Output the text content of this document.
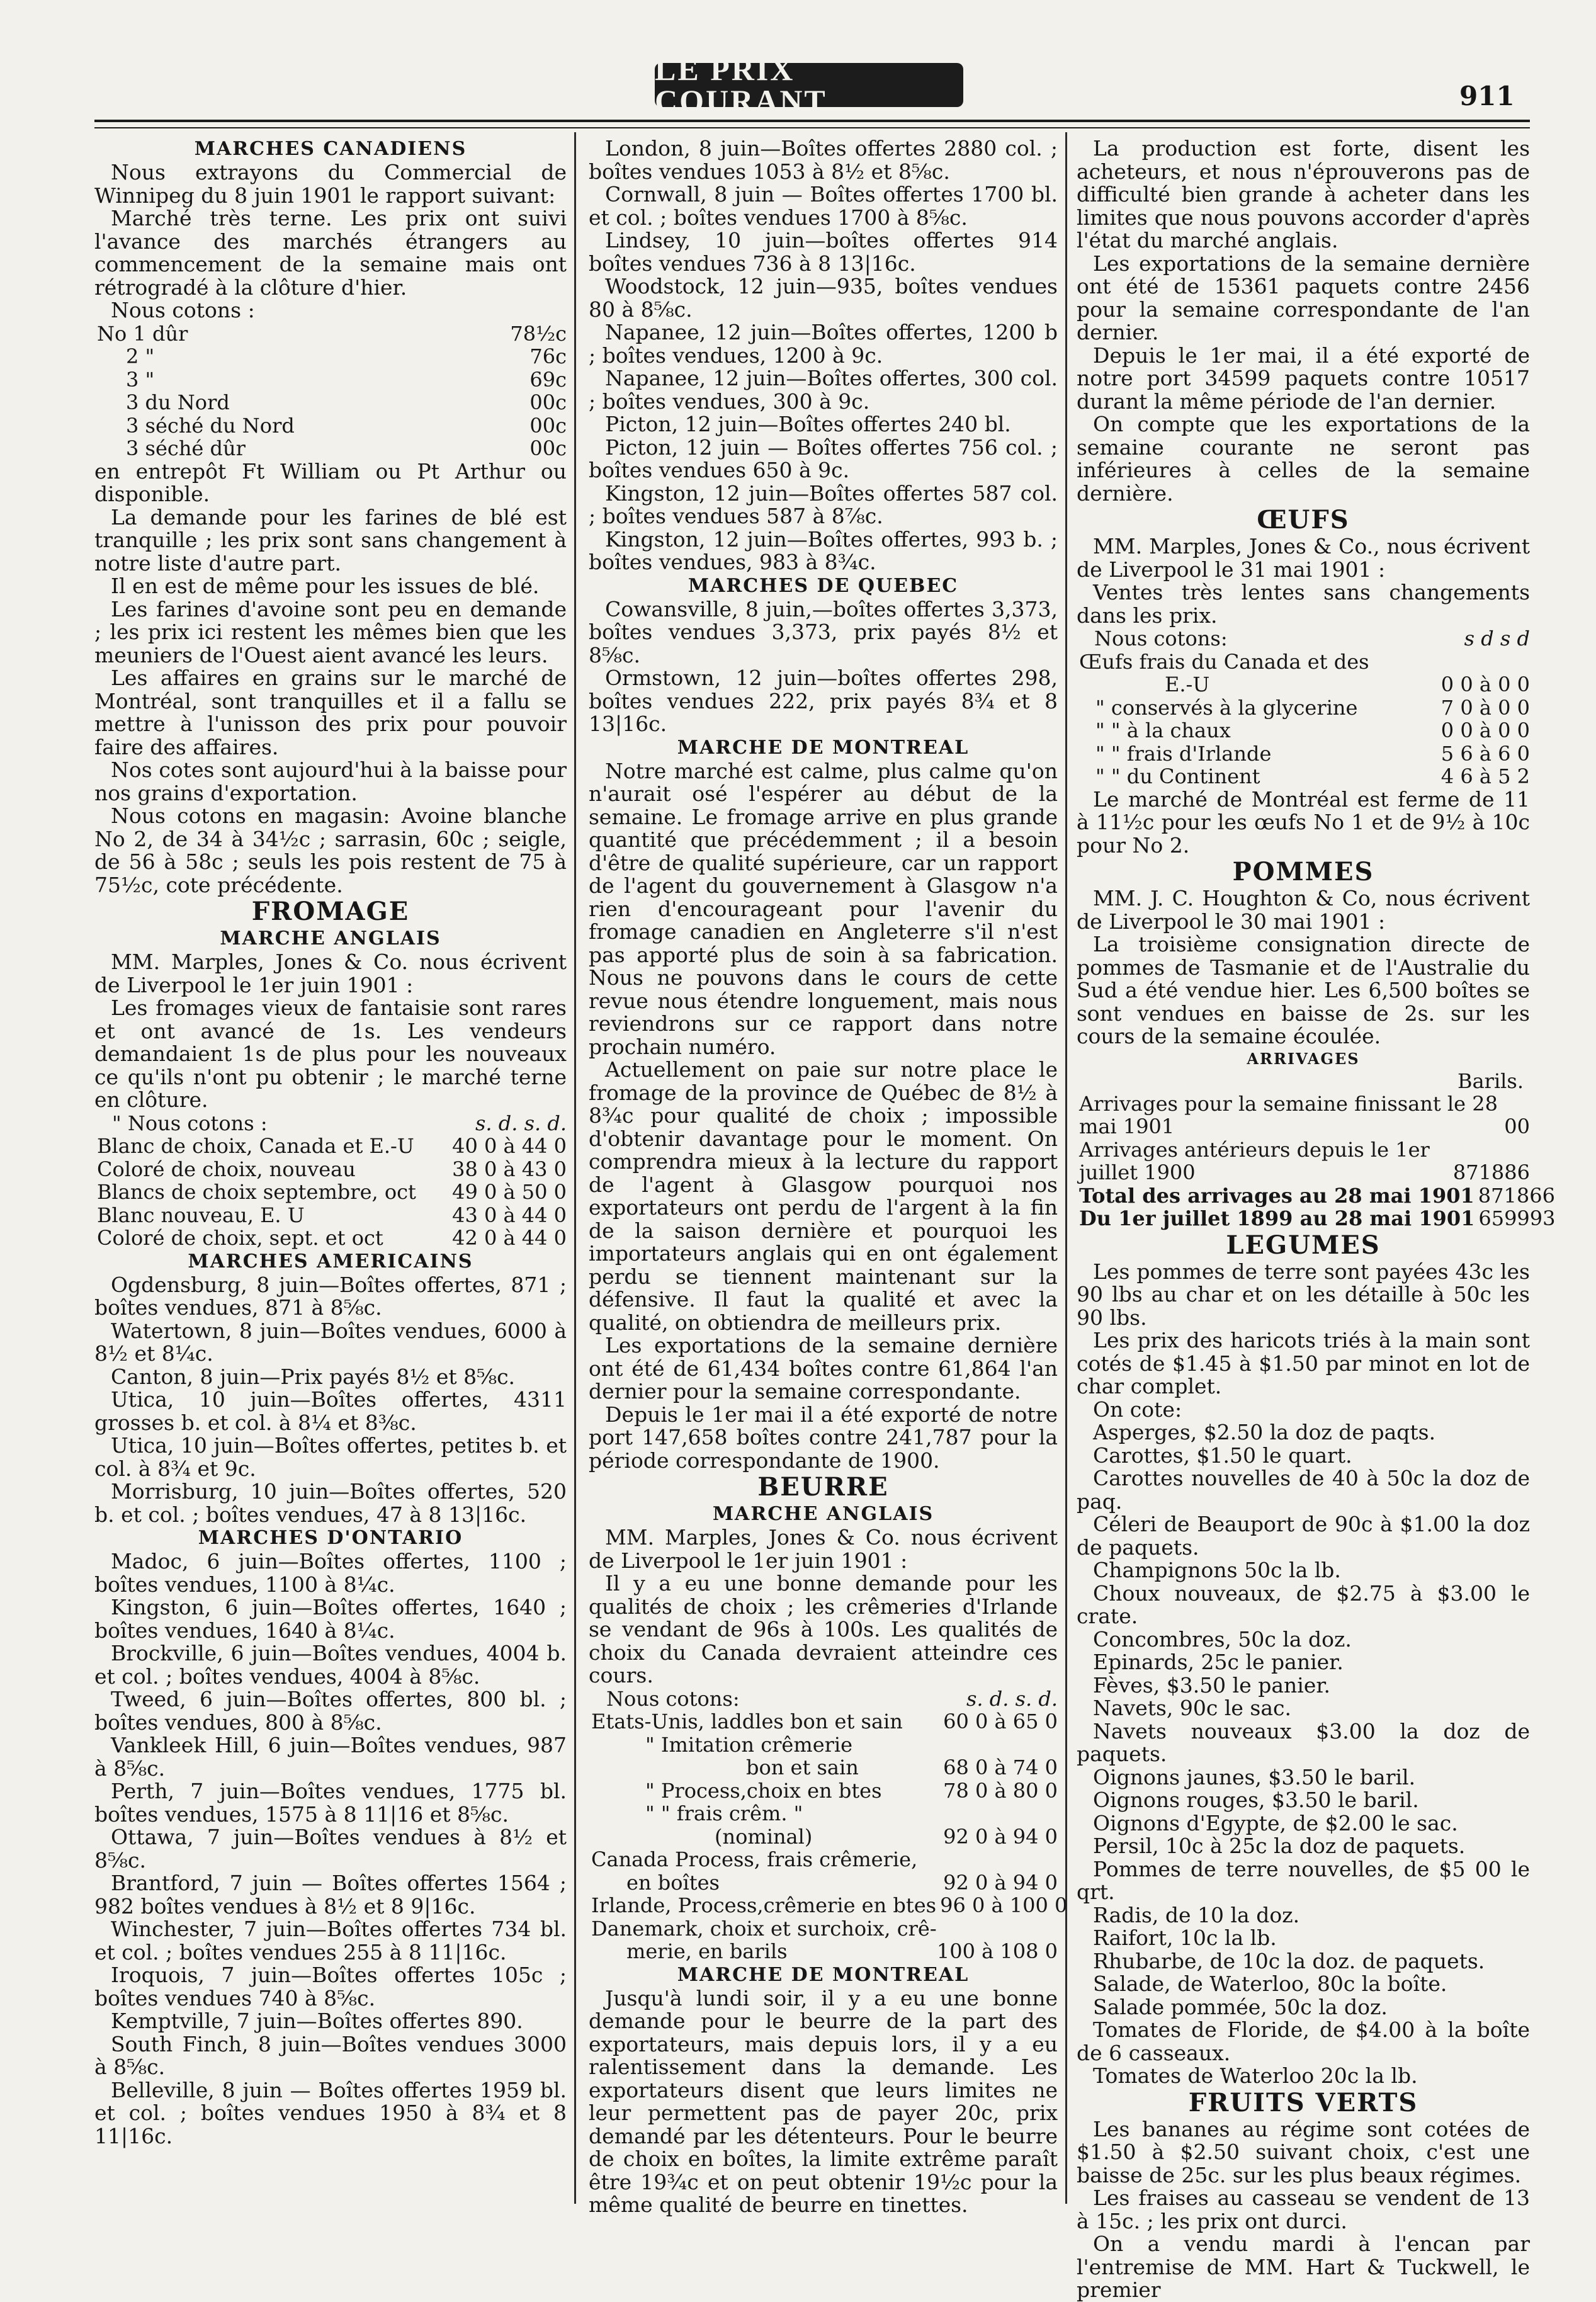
LE PRIX COURANT	911
MARCHES CANADIENS

Nous extrayons du Commercial de Winnipeg du 8 juin 1901 le rapport suivant:

Marché très terne. Les prix ont suivi l'avance des marchés étrangers au commencement de la semaine mais ont rétrogradé à la clôture d'hier.

Nous cotons :

No 1 dûr	78½c
2 "	76c
3 "	69c
3 du Nord	00c
3 séché du Nord	00c
3 séché dûr	00c

en entrepôt Ft William ou Pt Arthur ou disponible.

La demande pour les farines de blé est tranquille ; les prix sont sans changement à notre liste d'autre part.

Il en est de même pour les issues de blé.

Les farines d'avoine sont peu en demande ; les prix ici restent les mêmes bien que les meuniers de l'Ouest aient avancé les leurs.

Les affaires en grains sur le marché de Montréal, sont tranquilles et il a fallu se mettre à l'unisson des prix pour pouvoir faire des affaires.

Nos cotes sont aujourd'hui à la baisse pour nos grains d'exportation.

Nous cotons en magasin: Avoine blanche No 2, de 34 à 34½c ; sarrasin, 60c ; seigle, de 56 à 58c ; seuls les pois restent de 75 à 75½c, cote précédente.

FROMAGE
MARCHE ANGLAIS

MM. Marples, Jones & Co. nous écrivent de Liverpool le 1er juin 1901 :

Les fromages vieux de fantaisie sont rares et ont avancé de 1s. Les vendeurs demandaient 1s de plus pour les nouveaux ce qu'ils n'ont pu obtenir ; le marché terne en clôture.

" Nous cotons :	s. d. s. d.
Blanc de choix, Canada et E.-U	40 0 à 44 0
Coloré de choix, nouveau	38 0 à 43 0
Blancs de choix septembre, oct	49 0 à 50 0
Blanc nouveau, E. U	43 0 à 44 0
Coloré de choix, sept. et oct	42 0 à 44 0
MARCHES AMERICAINS

Ogdensburg, 8 juin—Boîtes offertes, 871 ; boîtes vendues, 871 à 8⅝c.

Watertown, 8 juin—Boîtes vendues, 6000 à 8½ et 8¼c.

Canton, 8 juin—Prix payés 8½ et 8⅝c.

Utica, 10 juin—Boîtes offertes, 4311 grosses b. et col. à 8¼ et 8⅜c.

Utica, 10 juin—Boîtes offertes, petites b. et col. à 8¾ et 9c.

Morrisburg, 10 juin—Boîtes offertes, 520 b. et col. ; boîtes vendues, 47 à 8 13|16c.

MARCHES D'ONTARIO

Madoc, 6 juin—Boîtes offertes, 1100 ; boîtes vendues, 1100 à 8¼c.

Kingston, 6 juin—Boîtes offertes, 1640 ; boîtes vendues, 1640 à 8¼c.

Brockville, 6 juin—Boîtes vendues, 4004 b. et col. ; boîtes vendues, 4004 à 8⅝c.

Tweed, 6 juin—Boîtes offertes, 800 bl. ; boîtes vendues, 800 à 8⅝c.

Vankleek Hill, 6 juin—Boîtes vendues, 987 à 8⅝c.

Perth, 7 juin—Boîtes vendues, 1775 bl. boîtes vendues, 1575 à 8 11|16 et 8⅝c.

Ottawa, 7 juin—Boîtes vendues à 8½ et 8⅝c.

Brantford, 7 juin — Boîtes offertes 1564 ; 982 boîtes vendues à 8½ et 8 9|16c.

Winchester, 7 juin—Boîtes offertes 734 bl. et col. ; boîtes vendues 255 à 8 11|16c.

Iroquois, 7 juin—Boîtes offertes 105c ; boîtes vendues 740 à 8⅝c.

Kemptville, 7 juin—Boîtes offertes 890.

South Finch, 8 juin—Boîtes vendues 3000 à 8⅝c.

Belleville, 8 juin — Boîtes offertes 1959 bl. et col. ; boîtes vendues 1950 à 8¾ et 8 11|16c.

London, 8 juin—Boîtes offertes 2880 col. ; boîtes vendues 1053 à 8½ et 8⅝c.

Cornwall, 8 juin — Boîtes offertes 1700 bl. et col. ; boîtes vendues 1700 à 8⅝c.

Lindsey, 10 juin—boîtes offertes 914 boîtes vendues 736 à 8 13|16c.

Woodstock, 12 juin—935, boîtes vendues 80 à 8⅝c.

Napanee, 12 juin—Boîtes offertes, 1200 b ; boîtes vendues, 1200 à 9c.

Napanee, 12 juin—Boîtes offertes, 300 col. ; boîtes vendues, 300 à 9c.

Picton, 12 juin—Boîtes offertes 240 bl.

Picton, 12 juin — Boîtes offertes 756 col. ; boîtes vendues 650 à 9c.

Kingston, 12 juin—Boîtes offertes 587 col. ; boîtes vendues 587 à 8⅞c.

Kingston, 12 juin—Boîtes offertes, 993 b. ; boîtes vendues, 983 à 8¾c.

MARCHES DE QUEBEC

Cowansville, 8 juin,—boîtes offertes 3,373, boîtes vendues 3,373, prix payés 8½ et 8⅝c.

Ormstown, 12 juin—boîtes offertes 298, boîtes vendues 222, prix payés 8¾ et 8 13|16c.

MARCHE DE MONTREAL

Notre marché est calme, plus calme qu'on n'aurait osé l'espérer au début de la semaine. Le fromage arrive en plus grande quantité que précédemment ; il a besoin d'être de qualité supérieure, car un rapport de l'agent du gouvernement à Glasgow n'a rien d'encourageant pour l'avenir du fromage canadien en Angleterre s'il n'est pas apporté plus de soin à sa fabrication. Nous ne pouvons dans le cours de cette revue nous étendre longuement, mais nous reviendrons sur ce rapport dans notre prochain numéro.

Actuellement on paie sur notre place le fromage de la province de Québec de 8½ à 8¾c pour qualité de choix ; impossible d'obtenir davantage pour le moment. On comprendra mieux à la lecture du rapport de l'agent à Glasgow pourquoi nos exportateurs ont perdu de l'argent à la fin de la saison dernière et pourquoi les importateurs anglais qui en ont également perdu se tiennent maintenant sur la défensive. Il faut la qualité et avec la qualité, on obtiendra de meilleurs prix.

Les exportations de la semaine dernière ont été de 61,434 boîtes contre 61,864 l'an dernier pour la semaine correspondante.

Depuis le 1er mai il a été exporté de notre port 147,658 boîtes contre 241,787 pour la période correspondante de 1900.

BEURRE
MARCHE ANGLAIS

MM. Marples, Jones & Co. nous écrivent de Liverpool le 1er juin 1901 :

Il y a eu une bonne demande pour les qualités de choix ; les crêmeries d'Irlande se vendant de 96s à 100s. Les qualités de choix du Canada devraient atteindre ces cours.

Nous cotons:	s. d. s. d.
Etats-Unis, laddles bon et sain	60 0 à 65 0
" Imitation crêmerie
bon et sain	68 0 à 74 0
" Process,choix en btes	78 0 à 80 0
" " frais crêm. "
(nominal)	92 0 à 94 0
Canada Process, frais crêmerie,
en boîtes	92 0 à 94 0
Irlande, Process,crêmerie en btes 96 0 à 100 0
Danemark, choix et surchoix, crê-
merie, en barils	100 à 108 0
MARCHE DE MONTREAL

Jusqu'à lundi soir, il y a eu une bonne demande pour le beurre de la part des exportateurs, mais depuis lors, il y a eu ralentissement dans la demande. Les exportateurs disent que leurs limites ne leur permettent pas de payer 20c, prix demandé par les détenteurs. Pour le beurre de choix en boîtes, la limite extrême paraît être 19¾c et on peut obtenir 19½c pour la même qualité de beurre en tinettes.

La production est forte, disent les acheteurs, et nous n'éprouverons pas de difficulté bien grande à acheter dans les limites que nous pouvons accorder d'après l'état du marché anglais.

Les exportations de la semaine dernière ont été de 15361 paquets contre 2456 pour la semaine correspondante de l'an dernier.

Depuis le 1er mai, il a été exporté de notre port 34599 paquets contre 10517 durant la même période de l'an dernier.

On compte que les exportations de la semaine courante ne seront pas inférieures à celles de la semaine dernière.

ŒUFS

MM. Marples, Jones & Co., nous écrivent de Liverpool le 31 mai 1901 :

Ventes très lentes sans changements dans les prix.

Nous cotons:	s d s d
Œufs frais du Canada et des
E.-U	0 0 à 0 0
" conservés à la glycerine	7 0 à 0 0
" " à la chaux	0 0 à 0 0
" " frais d'Irlande	5 6 à 6 0
" " du Continent	4 6 à 5 2

Le marché de Montréal est ferme de 11 à 11½c pour les œufs No 1 et de 9½ à 10c pour No 2.

POMMES

MM. J. C. Houghton & Co, nous écrivent de Liverpool le 30 mai 1901 :

La troisième consignation directe de pommes de Tasmanie et de l'Australie du Sud a été vendue hier. Les 6,500 boîtes se sont vendues en baisse de 2s. sur les cours de la semaine écoulée.

ARRIVAGES
Barils.
Arrivages pour la semaine finissant le 28 mai 1901	00
Arrivages antérieurs depuis le 1er juillet 1900	871886
Total des arrivages au 28 mai 1901 871866
Du 1er juillet 1899 au 28 mai 1901 659993
LEGUMES

Les pommes de terre sont payées 43c les 90 lbs au char et on les détaille à 50c les 90 lbs.

Les prix des haricots triés à la main sont cotés de $1.45 à $1.50 par minot en lot de char complet.

On cote:

Asperges, $2.50 la doz de paqts.

Carottes, $1.50 le quart.

Carottes nouvelles de 40 à 50c la doz de paq.

Céleri de Beauport de 90c à $1.00 la doz de paquets.

Champignons 50c la lb.

Choux nouveaux, de $2.75 à $3.00 le crate.

Concombres, 50c la doz.

Epinards, 25c le panier.

Fèves, $3.50 le panier.

Navets, 90c le sac.

Navets nouveaux $3.00 la doz de paquets.

Oignons jaunes, $3.50 le baril.

Oignons rouges, $3.50 le baril.

Oignons d'Egypte, de $2.00 le sac.

Persil, 10c à 25c la doz de paquets.

Pommes de terre nouvelles, de $5 00 le qrt.

Radis, de 10 la doz.

Raifort, 10c la lb.

Rhubarbe, de 10c la doz. de paquets.

Salade, de Waterloo, 80c la boîte.

Salade pommée, 50c la doz.

Tomates de Floride, de $4.00 à la boîte de 6 casseaux.

Tomates de Waterloo 20c la lb.

FRUITS VERTS

Les bananes au régime sont cotées de $1.50 à $2.50 suivant choix, c'est une baisse de 25c. sur les plus beaux régimes.

Les fraises au casseau se vendent de 13 à 15c. ; les prix ont durci.

On a vendu mardi à l'encan par l'entremise de MM. Hart & Tuckwell, le premier
